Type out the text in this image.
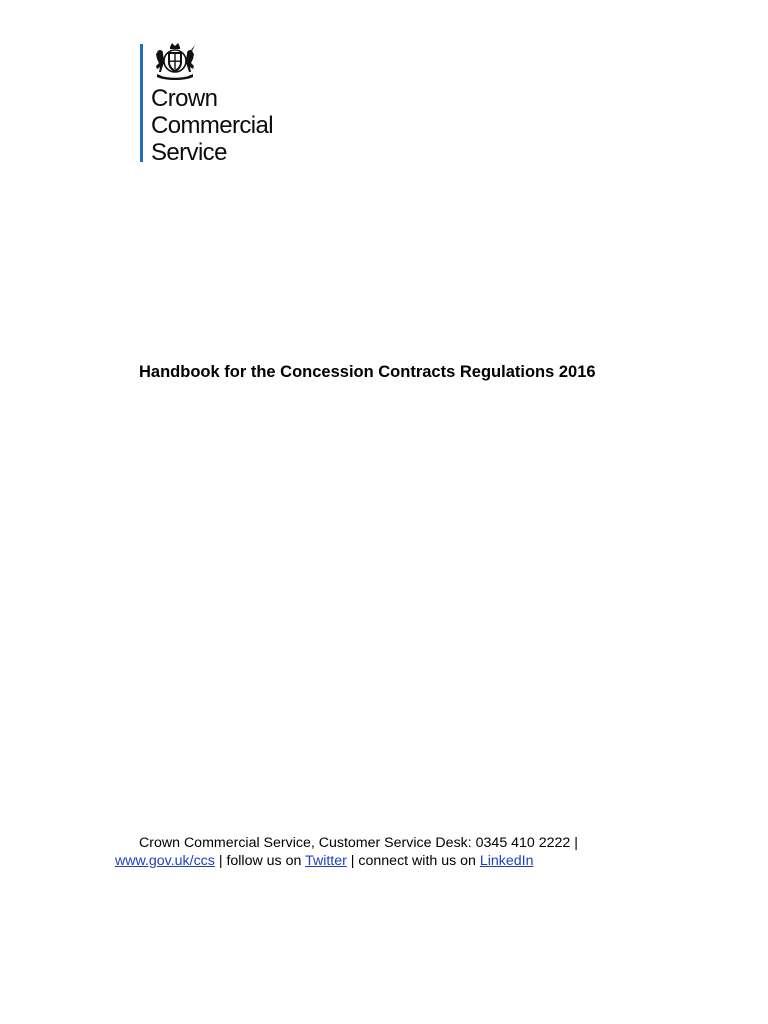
Crown
Commercial
Service
Handbook for the Concession Contracts Regulations 2016
Crown Commercial Service, Customer Service Desk: 0345 410 2222 |
www.gov.uk/ccs | follow us on Twitter | connect with us on LinkedIn
